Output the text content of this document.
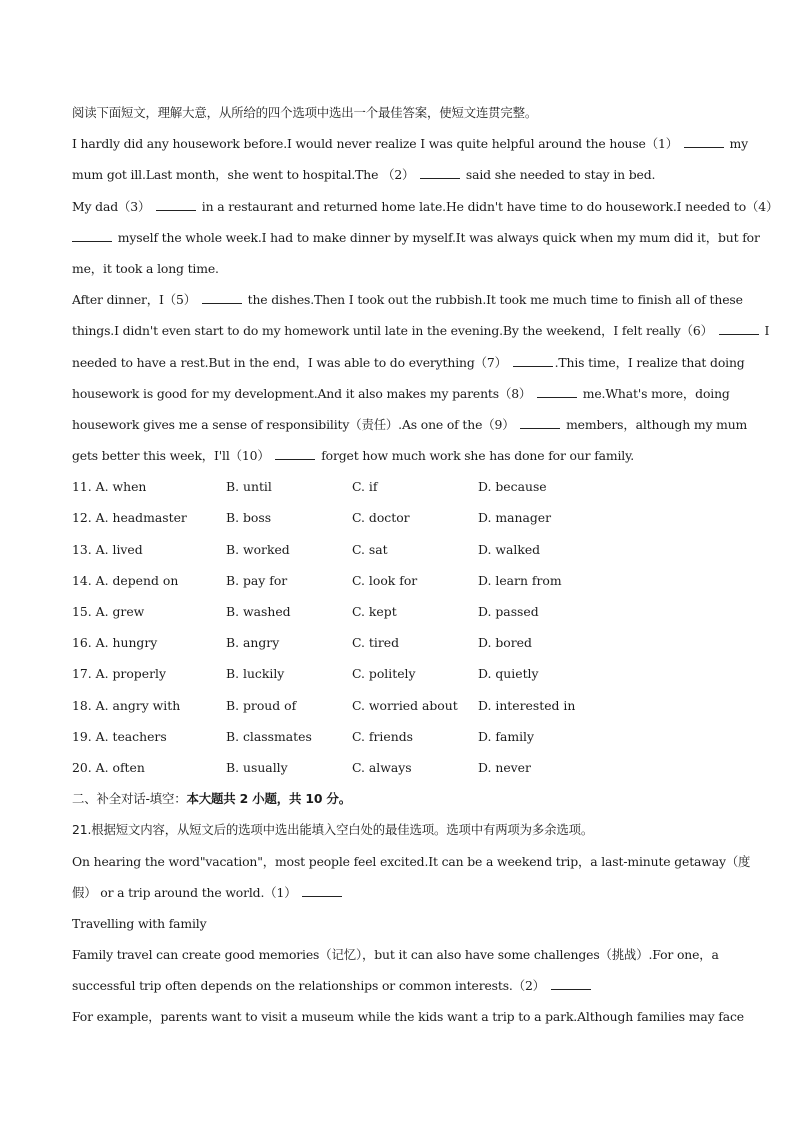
阅读下面短文，理解大意，从所给的四个选项中选出一个最佳答案，使短文连贯完整。
I hardly did any housework before.I would never realize I was quite helpful around the house（1）	my
mum got ill.Last month，she went to hospital.The （2）	said she needed to stay in bed.
My dad（3）	in a restaurant and returned home late.He didn't have time to do housework.I needed to（4）
myself the whole week.I had to make dinner by myself.It was always quick when my mum did it，but for
me，it took a long time.
After dinner，I（5）	the dishes.Then I took out the rubbish.It took me much time to finish all of these
things.I didn't even start to do my homework until late in the evening.By the weekend，I felt really（6）	I
needed to have a rest.But in the end，I was able to do everything（7）	.This time，I realize that doing
housework is good for my development.And it also makes my parents（8）	me.What's more，doing
housework gives me a sense of responsibility（责任）.As one of the（9）	members，although my mum
gets better this week，I'll（10）	forget how much work she has done for our family.
11. A. when	B. until	C. if	D. because
12. A. headmaster	B. boss	C. doctor	D. manager
13. A. lived	B. worked	C. sat	D. walked
14. A. depend on	B. pay for	C. look for	D. learn from
15. A. grew	B. washed	C. kept	D. passed
16. A. hungry	B. angry	C. tired	D. bored
17. A. properly	B. luckily	C. politely	D. quietly
18. A. angry with	B. proud of	C. worried about	D. interested in
19. A. teachers	B. classmates	C. friends	D. family
20. A. often	B. usually	C. always	D. never
二、补全对话-填空：本大题共 2 小题，共 10 分。
21.根据短文内容，从短文后的选项中选出能填入空白处的最佳选项。选项中有两项为多余选项。
On hearing the word"vacation"，most people feel excited.It can be a weekend trip，a last-minute getaway（度
假） or a trip around the world.（1）
Travelling with family
Family travel can create good memories（记忆），but it can also have some challenges（挑战）.For one，a
successful trip often depends on the relationships or common interests.（2）
For example，parents want to visit a museum while the kids want a trip to a park.Although families may face
